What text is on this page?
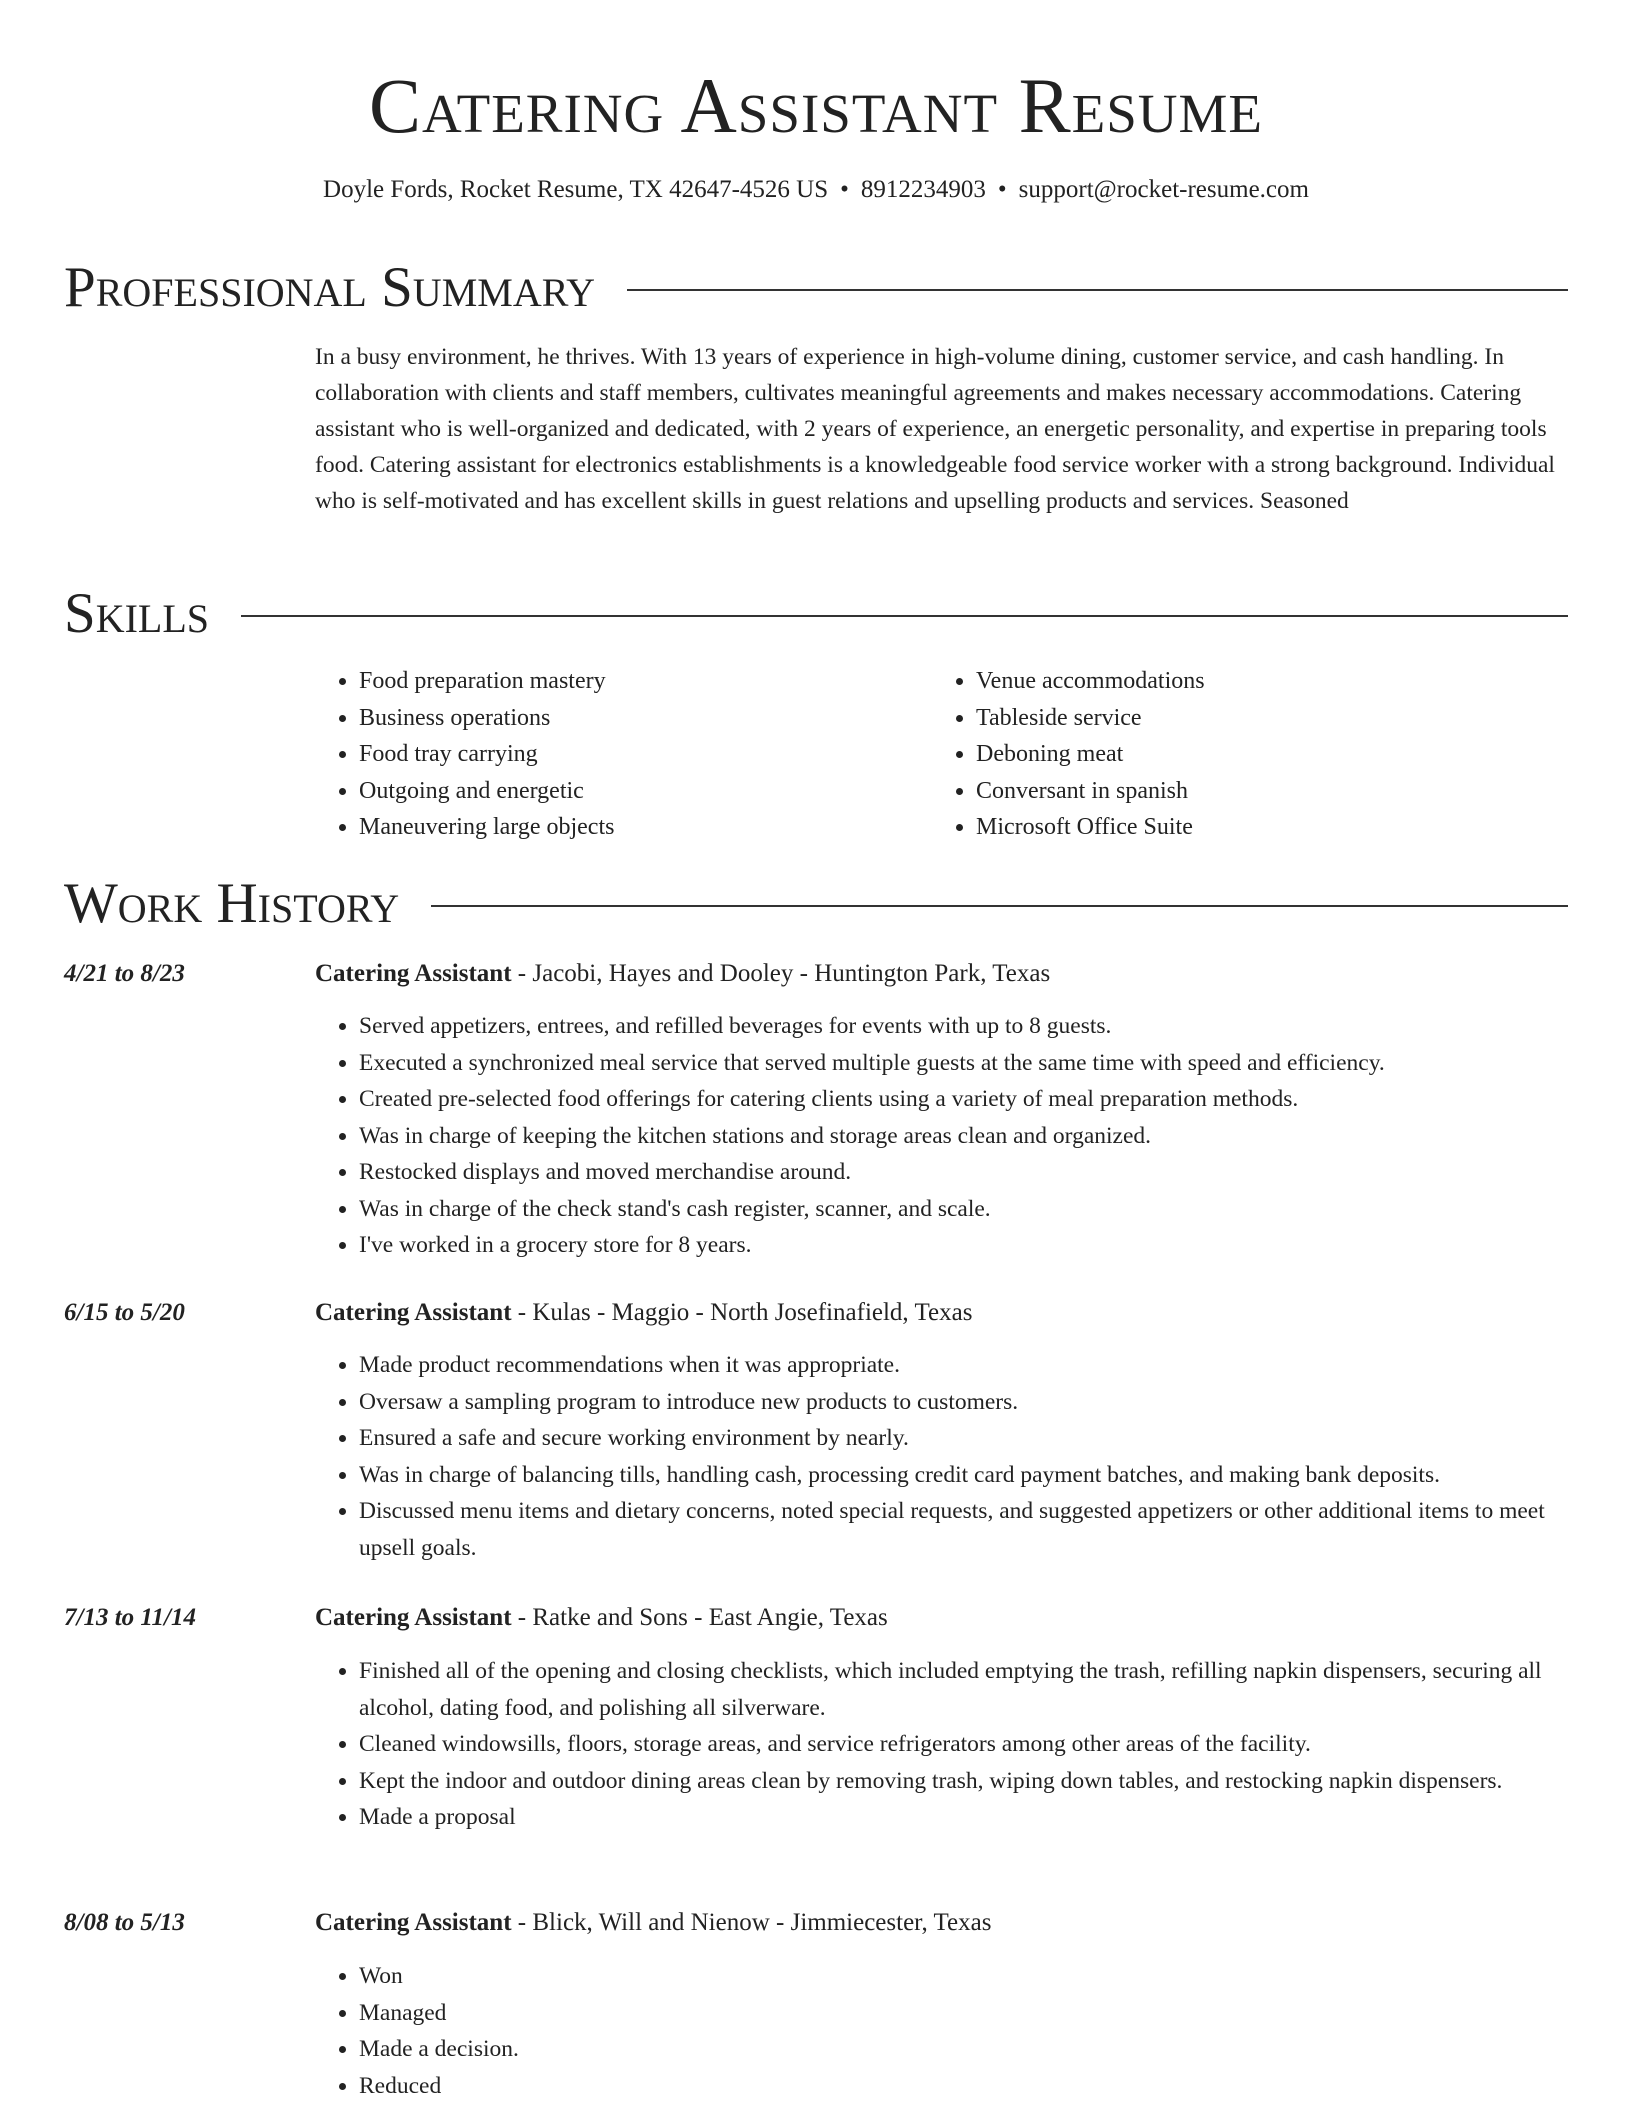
Catering Assistant Resume
Doyle Fords, Rocket Resume, TX 42647-4526 US • 8912234903 • support@rocket-resume.com
Professional Summary

In a busy environment, he thrives. With 13 years of experience in high-volume dining, customer service, and cash handling. In collaboration with clients and staff members, cultivates meaningful agreements and makes necessary accommodations. Catering assistant who is well-organized and dedicated, with 2 years of experience, an energetic personality, and expertise in preparing tools food. Catering assistant for electronics establishments is a knowledgeable food service worker with a strong background. Individual who is self-motivated and has excellent skills in guest relations and upselling products and services. Seasoned

Skills
• Food preparation mastery
• Business operations
• Food tray carrying
• Outgoing and energetic
• Maneuvering large objects
• Venue accommodations
• Tableside service
• Deboning meat
• Conversant in spanish
• Microsoft Office Suite
Work History
4/21 to 8/23	Catering Assistant - Jacobi, Hayes and Dooley - Huntington Park, Texas
• Served appetizers, entrees, and refilled beverages for events with up to 8 guests.
• Executed a synchronized meal service that served multiple guests at the same time with speed and efficiency.
• Created pre-selected food offerings for catering clients using a variety of meal preparation methods.
• Was in charge of keeping the kitchen stations and storage areas clean and organized.
• Restocked displays and moved merchandise around.
• Was in charge of the check stand's cash register, scanner, and scale.
• I've worked in a grocery store for 8 years.
6/15 to 5/20	Catering Assistant - Kulas - Maggio - North Josefinafield, Texas
• Made product recommendations when it was appropriate.
• Oversaw a sampling program to introduce new products to customers.
• Ensured a safe and secure working environment by nearly.
• Was in charge of balancing tills, handling cash, processing credit card payment batches, and making bank deposits.
• Discussed menu items and dietary concerns, noted special requests, and suggested appetizers or other additional items to meet upsell goals.
7/13 to 11/14	Catering Assistant - Ratke and Sons - East Angie, Texas
• Finished all of the opening and closing checklists, which included emptying the trash, refilling napkin dispensers, securing all alcohol, dating food, and polishing all silverware.
• Cleaned windowsills, floors, storage areas, and service refrigerators among other areas of the facility.
• Kept the indoor and outdoor dining areas clean by removing trash, wiping down tables, and restocking napkin dispensers.
• Made a proposal
8/08 to 5/13	Catering Assistant - Blick, Will and Nienow - Jimmiecester, Texas
• Won
• Managed
• Made a decision.
• Reduced
